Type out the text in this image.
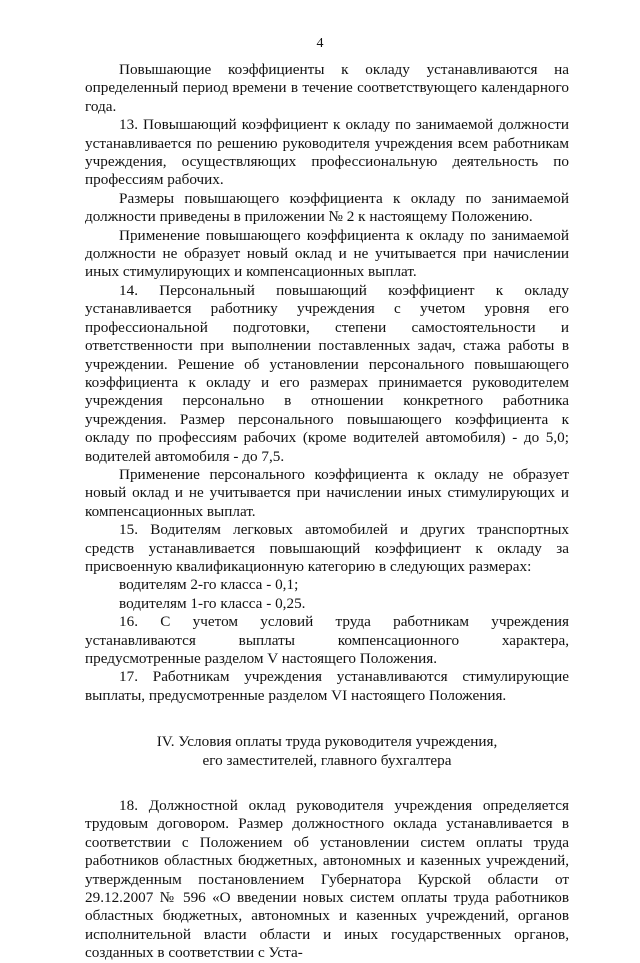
4

Повышающие коэффициенты к окладу устанавливаются на определенный период времени в течение соответствующего календарного года.

13. Повышающий коэффициент к окладу по занимаемой должности устанавливается по решению руководителя учреждения всем работникам учреждения, осуществляющих профессиональную деятельность по профессиям рабочих.

Размеры повышающего коэффициента к окладу по занимаемой должности приведены в приложении № 2 к настоящему Положению.

Применение повышающего коэффициента к окладу по занимаемой должности не образует новый оклад и не учитывается при начислении иных стимулирующих и компенсационных выплат.

14. Персональный повышающий коэффициент к окладу устанавливается работнику учреждения с учетом уровня его профессиональной подготовки, степени самостоятельности и ответственности при выполнении поставленных задач, стажа работы в учреждении. Решение об установлении персонального повышающего коэффициента к окладу и его размерах принимается руководителем учреждения персонально в отношении конкретного работника учреждения. Размер персонального повышающего коэффициента к окладу по профессиям рабочих (кроме водителей автомобиля) - до 5,0; водителей автомобиля - до 7,5.

Применение персонального коэффициента к окладу не образует новый оклад и не учитывается при начислении иных стимулирующих и компенсационных выплат.

15. Водителям легковых автомобилей и других транспортных средств устанавливается повышающий коэффициент к окладу за присвоенную квалификационную категорию в следующих размерах:

водителям 2-го класса - 0,1;

водителям 1-го класса - 0,25.

16. С учетом условий труда работникам учреждения устанавливаются выплаты компенсационного характера, предусмотренные разделом V настоящего Положения.

17. Работникам учреждения устанавливаются стимулирующие выплаты, предусмотренные разделом VI настоящего Положения.

IV. Условия оплаты труда руководителя учреждения,
его заместителей, главного бухгалтера

18. Должностной оклад руководителя учреждения определяется трудовым договором. Размер должностного оклада устанавливается в соответствии с Положением об установлении систем оплаты труда работников областных бюджетных, автономных и казенных учреждений, утвержденным постановлением Губернатора Курской области от 29.12.2007 № 596 «О введении новых систем оплаты труда работников областных бюджетных, автономных и казенных учреждений, органов исполнительной власти области и иных государственных органов, созданных в соответствии с Уста-
